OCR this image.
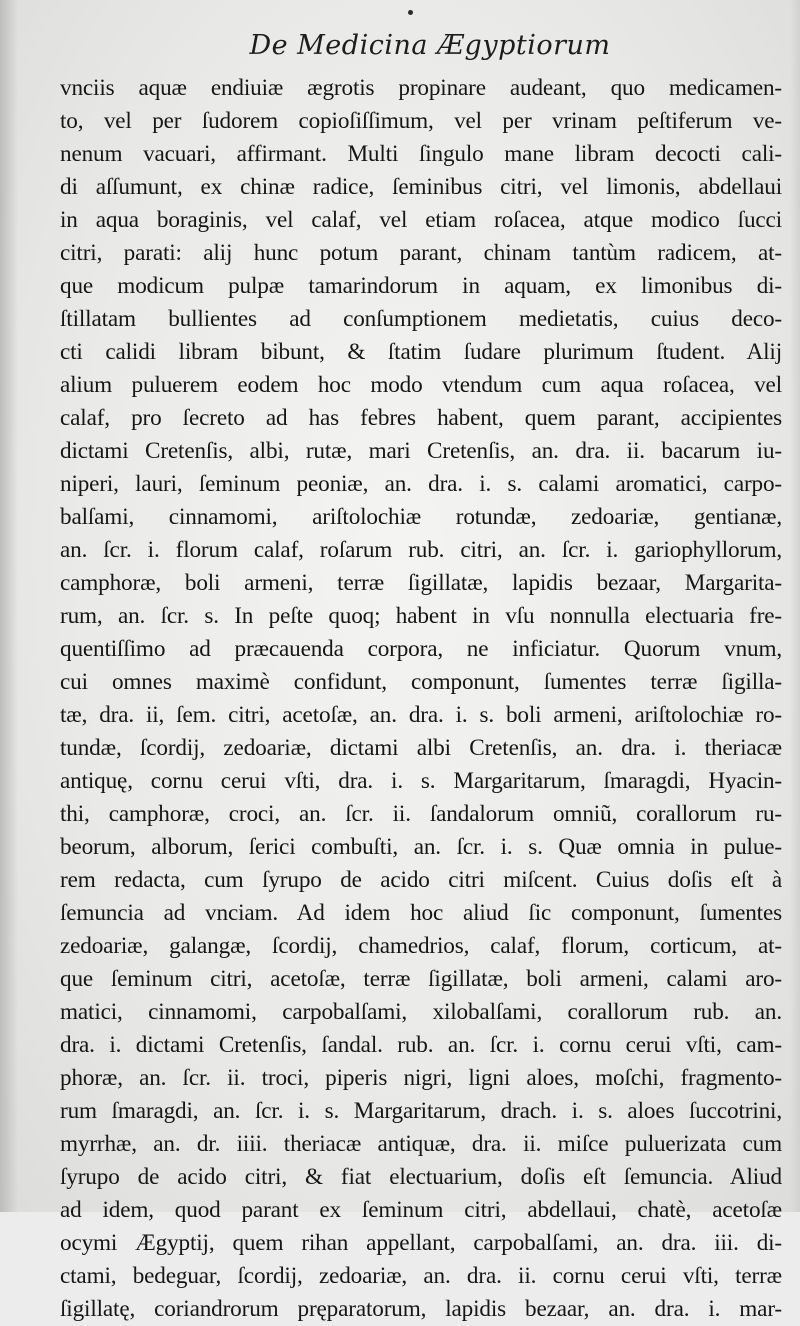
De Medicina Ægyptiorum
vnciis aquæ endiuiæ ægrotis propinare audeant, quo medicamen-
to, vel per ſudorem copioſiſſimum, vel per vrinam peſtiferum ve-
nenum vacuari, affirmant. Multi ſingulo mane libram decocti cali-
di aſſumunt, ex chinæ radice, ſeminibus citri, vel limonis, abdellaui
in aqua boraginis, vel calaf, vel etiam roſacea, atque modico ſucci
citri, parati: alij hunc potum parant, chinam tantùm radicem, at-
que modicum pulpæ tamarindorum in aquam, ex limonibus di-
ſtillatam bullientes ad conſumptionem medietatis, cuius deco-
cti calidi libram bibunt, & ſtatim ſudare plurimum ſtudent. Alij
alium puluerem eodem hoc modo vtendum cum aqua roſacea, vel
calaf, pro ſecreto ad has febres habent, quem parant, accipientes
dictami Cretenſis, albi, rutæ, mari Cretenſis, an. dra. ii. bacarum iu-
niperi, lauri, ſeminum peoniæ, an. dra. i. s. calami aromatici, carpo-
balſami, cinnamomi, ariſtolochiæ rotundæ, zedoariæ, gentianæ,
an. ſcr. i. florum calaf, roſarum rub. citri, an. ſcr. i. gariophyllorum,
camphoræ, boli armeni, terræ ſigillatæ, lapidis bezaar, Margarita-
rum, an. ſcr. s. In peſte quoq; habent in vſu nonnulla electuaria fre-
quentiſſimo ad præcauenda corpora, ne inficiatur. Quorum vnum,
cui omnes maximè confidunt, componunt, ſumentes terræ ſigilla-
tæ, dra. ii, ſem. citri, acetoſæ, an. dra. i. s. boli armeni, ariſtolochiæ ro-
tundæ, ſcordij, zedoariæ, dictami albi Cretenſis, an. dra. i. theriacæ
antiquę, cornu cerui vſti, dra. i. s. Margaritarum, ſmaragdi, Hyacin-
thi, camphoræ, croci, an. ſcr. ii. ſandalorum omniũ, corallorum ru-
beorum, alborum, ſerici combuſti, an. ſcr. i. s. Quæ omnia in pulue-
rem redacta, cum ſyrupo de acido citri miſcent. Cuius doſis eſt à
ſemuncia ad vnciam. Ad idem hoc aliud ſic componunt, ſumentes
zedoariæ, galangæ, ſcordij, chamedrios, calaf, florum, corticum, at-
que ſeminum citri, acetoſæ, terræ ſigillatæ, boli armeni, calami aro-
matici, cinnamomi, carpobalſami, xilobalſami, corallorum rub. an.
dra. i. dictami Cretenſis, ſandal. rub. an. ſcr. i. cornu cerui vſti, cam-
phoræ, an. ſcr. ii. troci, piperis nigri, ligni aloes, moſchi, fragmento-
rum ſmaragdi, an. ſcr. i. s. Margaritarum, drach. i. s. aloes ſuccotrini,
myrrhæ, an. dr. iiii. theriacæ antiquæ, dra. ii. miſce puluerizata cum
ſyrupo de acido citri, & fiat electuarium, doſis eſt ſemuncia. Aliud
ad idem, quod parant ex ſeminum citri, abdellaui, chatè, acetoſæ
ocymi Ægyptij, quem rihan appellant, carpobalſami, an. dra. iii. di-
ctami, bedeguar, ſcordij, zedoariæ, an. dra. ii. cornu cerui vſti, terræ
ſigillatę, coriandrorum pręparatorum, lapidis bezaar, an. dra. i. mar-
